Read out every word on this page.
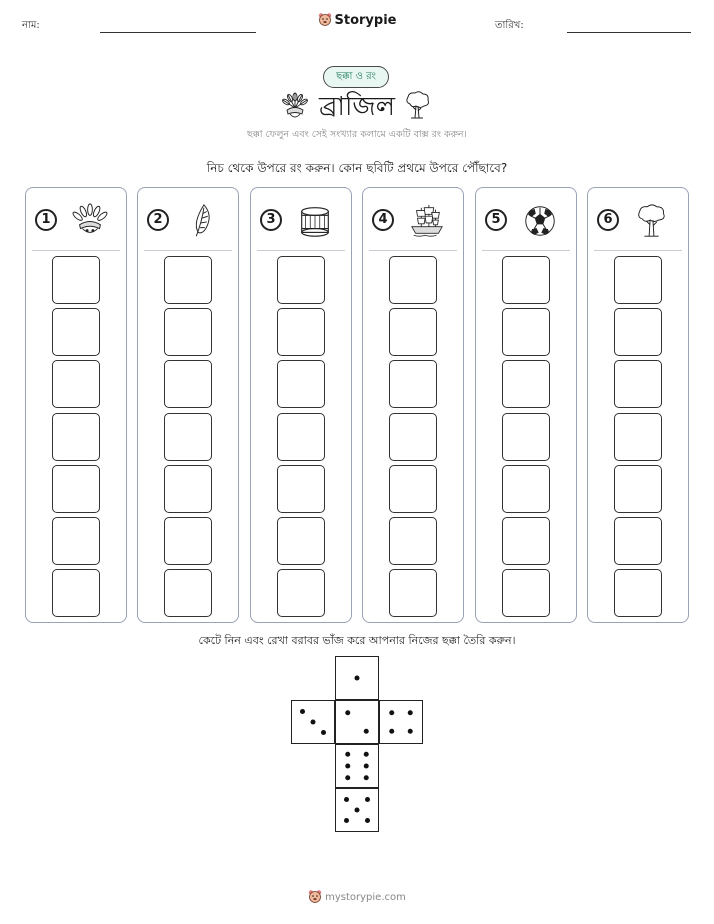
নাম:	Storypie	তারিখ:
ছক্কা ও রং
ব্রাজিল
ছক্কা ফেলুন এবং সেই সংখ্যার কলামে একটি বাক্স রং করুন।
নিচ থেকে উপরে রং করুন। কোন ছবিটি প্রথমে উপরে পৌঁছাবে?
1	2	3	4	5	6
কেটে নিন এবং রেখা বরাবর ভাঁজ করে আপনার নিজের ছক্কা তৈরি করুন।
mystorypie.com
